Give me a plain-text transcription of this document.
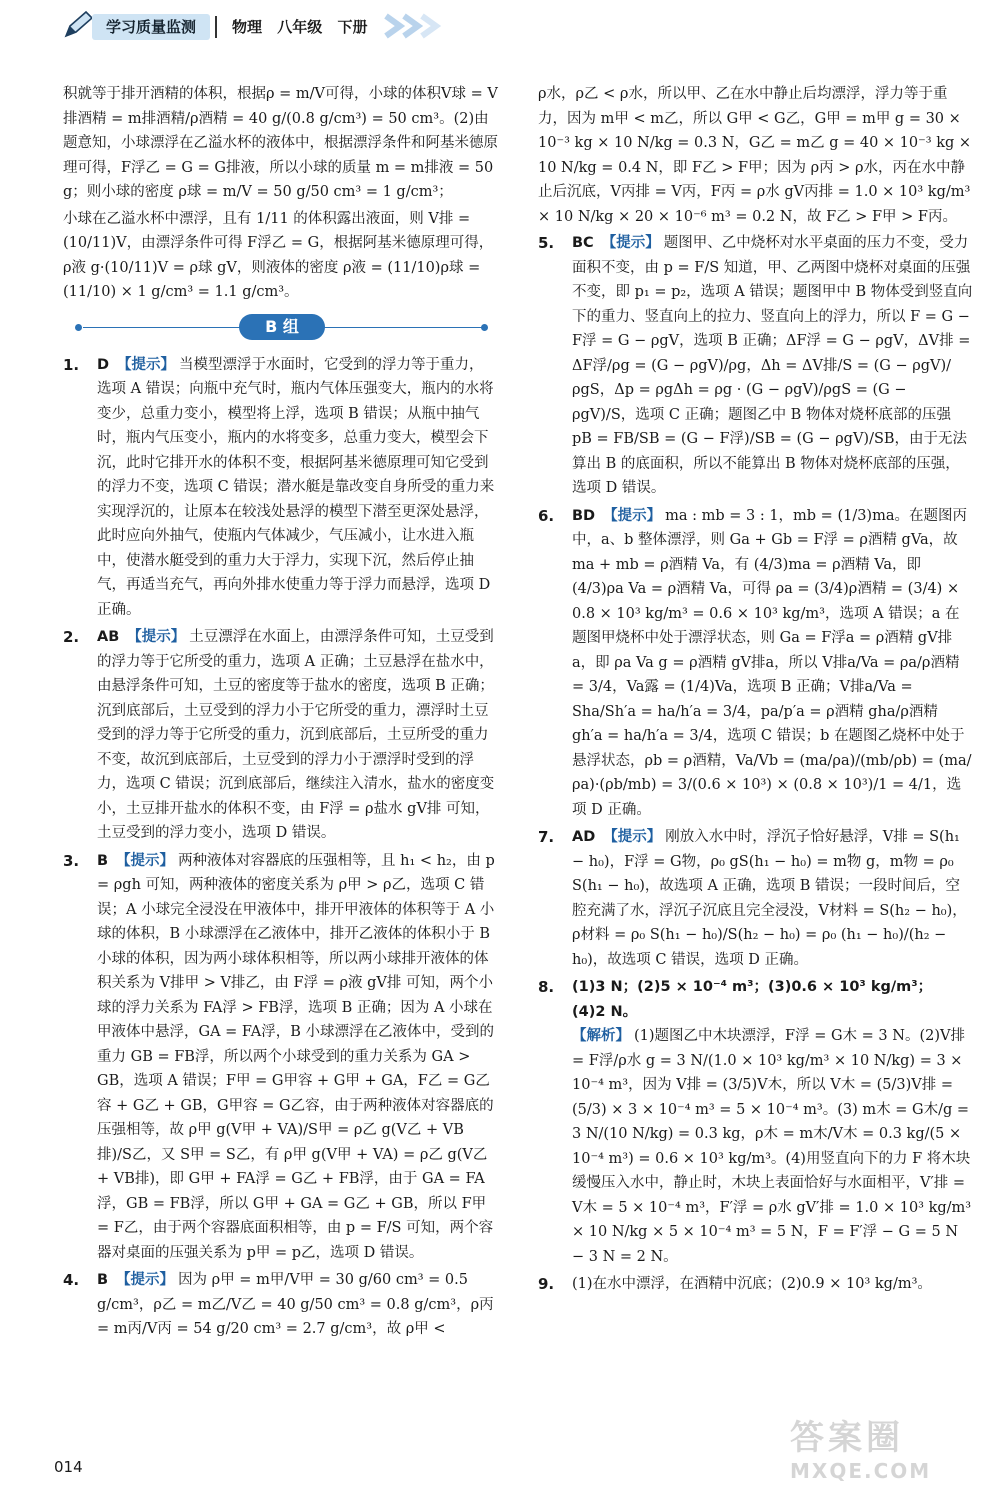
学习质量监测	物理 八年级 下册

积就等于排开酒精的体积，根据ρ = m/V可得，小球的体积V球 = V排酒精 = m排酒精/ρ酒精 = 40 g/(0.8 g/cm³) = 50 cm³。(2)由题意知，小球漂浮在乙溢水杯的液体中，根据漂浮条件和阿基米德原理可得，F浮乙 = G = G排液，所以小球的质量 m = m排液 = 50 g；则小球的密度 ρ球 = m/V = 50 g/50 cm³ = 1 g/cm³；

小球在乙溢水杯中漂浮，且有 1/11 的体积露出液面，则 V排 = (10/11)V，由漂浮条件可得 F浮乙 = G，根据阿基米德原理可得，ρ液 g·(10/11)V = ρ球 gV，则液体的密度 ρ液 = (11/10)ρ球 = (11/10) × 1 g/cm³ = 1.1 g/cm³。

B 组
1.	D 【提示】 当模型漂浮于水面时，它受到的浮力等于重力，选项 A 错误；向瓶中充气时，瓶内气体压强变大，瓶内的水将变少，总重力变小，模型将上浮，选项 B 错误；从瓶中抽气时，瓶内气压变小，瓶内的水将变多，总重力变大，模型会下沉，此时它排开水的体积不变，根据阿基米德原理可知它受到的浮力不变，选项 C 错误；潜水艇是靠改变自身所受的重力来实现浮沉的，让原本在较浅处悬浮的模型下潜至更深处悬浮，此时应向外抽气，使瓶内气体减少，气压减小，让水进入瓶中，使潜水艇受到的重力大于浮力，实现下沉，然后停止抽气，再适当充气，再向外排水使重力等于浮力而悬浮，选项 D 正确。
2.	AB 【提示】 土豆漂浮在水面上，由漂浮条件可知，土豆受到的浮力等于它所受的重力，选项 A 正确；土豆悬浮在盐水中，由悬浮条件可知，土豆的密度等于盐水的密度，选项 B 正确；沉到底部后，土豆受到的浮力小于它所受的重力，漂浮时土豆受到的浮力等于它所受的重力，沉到底部后，土豆所受的重力不变，故沉到底部后，土豆受到的浮力小于漂浮时受到的浮力，选项 C 错误；沉到底部后，继续注入清水，盐水的密度变小，土豆排开盐水的体积不变，由 F浮 = ρ盐水 gV排 可知，土豆受到的浮力变小，选项 D 错误。
3.	B 【提示】 两种液体对容器底的压强相等，且 h₁ < h₂，由 p = ρgh 可知，两种液体的密度关系为 ρ甲 > ρ乙，选项 C 错误；A 小球完全浸没在甲液体中，排开甲液体的体积等于 A 小球的体积，B 小球漂浮在乙液体中，排开乙液体的体积小于 B 小球的体积，因为两小球体积相等，所以两小球排开液体的体积关系为 V排甲 > V排乙，由 F浮 = ρ液 gV排 可知，两个小球的浮力关系为 FA浮 > FB浮，选项 B 正确；因为 A 小球在甲液体中悬浮，GA = FA浮，B 小球漂浮在乙液体中，受到的重力 GB = FB浮，所以两个小球受到的重力关系为 GA > GB，选项 A 错误；F甲 = G甲容 + G甲 + GA，F乙 = G乙容 + G乙 + GB，G甲容 = G乙容，由于两种液体对容器底的压强相等，故 ρ甲 g(V甲 + VA)/S甲 = ρ乙 g(V乙 + VB排)/S乙，又 S甲 = S乙，有 ρ甲 g(V甲 + VA) = ρ乙 g(V乙 + VB排)，即 G甲 + FA浮 = G乙 + FB浮，由于 GA = FA浮，GB = FB浮，所以 G甲 + GA = G乙 + GB，所以 F甲 = F乙，由于两个容器底面积相等，由 p = F/S 可知，两个容器对桌面的压强关系为 p甲 = p乙，选项 D 错误。
4.	B 【提示】 因为 ρ甲 = m甲/V甲 = 30 g/60 cm³ = 0.5 g/cm³，ρ乙 = m乙/V乙 = 40 g/50 cm³ = 0.8 g/cm³，ρ丙 = m丙/V丙 = 54 g/20 cm³ = 2.7 g/cm³，故 ρ甲 <

ρ水，ρ乙 < ρ水，所以甲、乙在水中静止后均漂浮，浮力等于重力，因为 m甲 < m乙，所以 G甲 < G乙，G甲 = m甲 g = 30 × 10⁻³ kg × 10 N/kg = 0.3 N，G乙 = m乙 g = 40 × 10⁻³ kg × 10 N/kg = 0.4 N，即 F乙 > F甲；因为 ρ丙 > ρ水，丙在水中静止后沉底，V丙排 = V丙，F丙 = ρ水 gV丙排 = 1.0 × 10³ kg/m³ × 10 N/kg × 20 × 10⁻⁶ m³ = 0.2 N，故 F乙 > F甲 > F丙。

5.	BC 【提示】 题图甲、乙中烧杯对水平桌面的压力不变，受力面积不变，由 p = F/S 知道，甲、乙两图中烧杯对桌面的压强不变，即 p₁ = p₂，选项 A 错误；题图甲中 B 物体受到竖直向下的重力、竖直向上的拉力、竖直向上的浮力，所以 F = G − F浮 = G − ρgV，选项 B 正确；ΔF浮 = G − ρgV，ΔV排 = ΔF浮/ρg = (G − ρgV)/ρg，Δh = ΔV排/S = (G − ρgV)/ρgS，Δp = ρgΔh = ρg · (G − ρgV)/ρgS = (G − ρgV)/S，选项 C 正确；题图乙中 B 物体对烧杯底部的压强 pB = FB/SB = (G − F浮)/SB = (G − ρgV)/SB，由于无法算出 B 的底面积，所以不能算出 B 物体对烧杯底部的压强，选项 D 错误。
6.	BD 【提示】 ma : mb = 3 : 1，mb = (1/3)ma。在题图丙中，a、b 整体漂浮，则 Ga + Gb = F浮 = ρ酒精 gVa，故 ma + mb = ρ酒精 Va，有 (4/3)ma = ρ酒精 Va，即 (4/3)ρa Va = ρ酒精 Va，可得 ρa = (3/4)ρ酒精 = (3/4) × 0.8 × 10³ kg/m³ = 0.6 × 10³ kg/m³，选项 A 错误；a 在题图甲烧杯中处于漂浮状态，则 Ga = F浮a = ρ酒精 gV排a，即 ρa Va g = ρ酒精 gV排a，所以 V排a/Va = ρa/ρ酒精 = 3/4，Va露 = (1/4)Va，选项 B 正确；V排a/Va = Sha/Sh′a = ha/h′a = 3/4，pa/p′a = ρ酒精 gha/ρ酒精 gh′a = ha/h′a = 3/4，选项 C 错误；b 在题图乙烧杯中处于悬浮状态，ρb = ρ酒精，Va/Vb = (ma/ρa)/(mb/ρb) = (ma/ρa)·(ρb/mb) = 3/(0.6 × 10³) × (0.8 × 10³)/1 = 4/1，选项 D 正确。
7.	AD 【提示】 刚放入水中时，浮沉子恰好悬浮，V排 = S(h₁ − h₀)，F浮 = G物，ρ₀ gS(h₁ − h₀) = m物 g，m物 = ρ₀ S(h₁ − h₀)，故选项 A 正确，选项 B 错误；一段时间后，空腔充满了水，浮沉子沉底且完全浸没，V材料 = S(h₂ − h₀)，ρ材料 = ρ₀ S(h₁ − h₀)/S(h₂ − h₀) = ρ₀ (h₁ − h₀)/(h₂ − h₀)，故选项 C 错误，选项 D 正确。
8.	(1)3 N；(2)5 × 10⁻⁴ m³；(3)0.6 × 10³ kg/m³；(4)2 N。
【解析】 (1)题图乙中木块漂浮，F浮 = G木 = 3 N。(2)V排 = F浮/ρ水 g = 3 N/(1.0 × 10³ kg/m³ × 10 N/kg) = 3 × 10⁻⁴ m³，因为 V排 = (3/5)V木，所以 V木 = (5/3)V排 = (5/3) × 3 × 10⁻⁴ m³ = 5 × 10⁻⁴ m³。(3) m木 = G木/g = 3 N/(10 N/kg) = 0.3 kg，ρ木 = m木/V木 = 0.3 kg/(5 × 10⁻⁴ m³) = 0.6 × 10³ kg/m³。(4)用竖直向下的力 F 将木块缓慢压入水中，静止时，木块上表面恰好与水面相平，V′排 = V木 = 5 × 10⁻⁴ m³，F′浮 = ρ水 gV′排 = 1.0 × 10³ kg/m³ × 10 N/kg × 5 × 10⁻⁴ m³ = 5 N，F = F′浮 − G = 5 N − 3 N = 2 N。
9.	(1)在水中漂浮，在酒精中沉底；(2)0.9 × 10³ kg/m³。
014
答案圈
MXQE.COM
